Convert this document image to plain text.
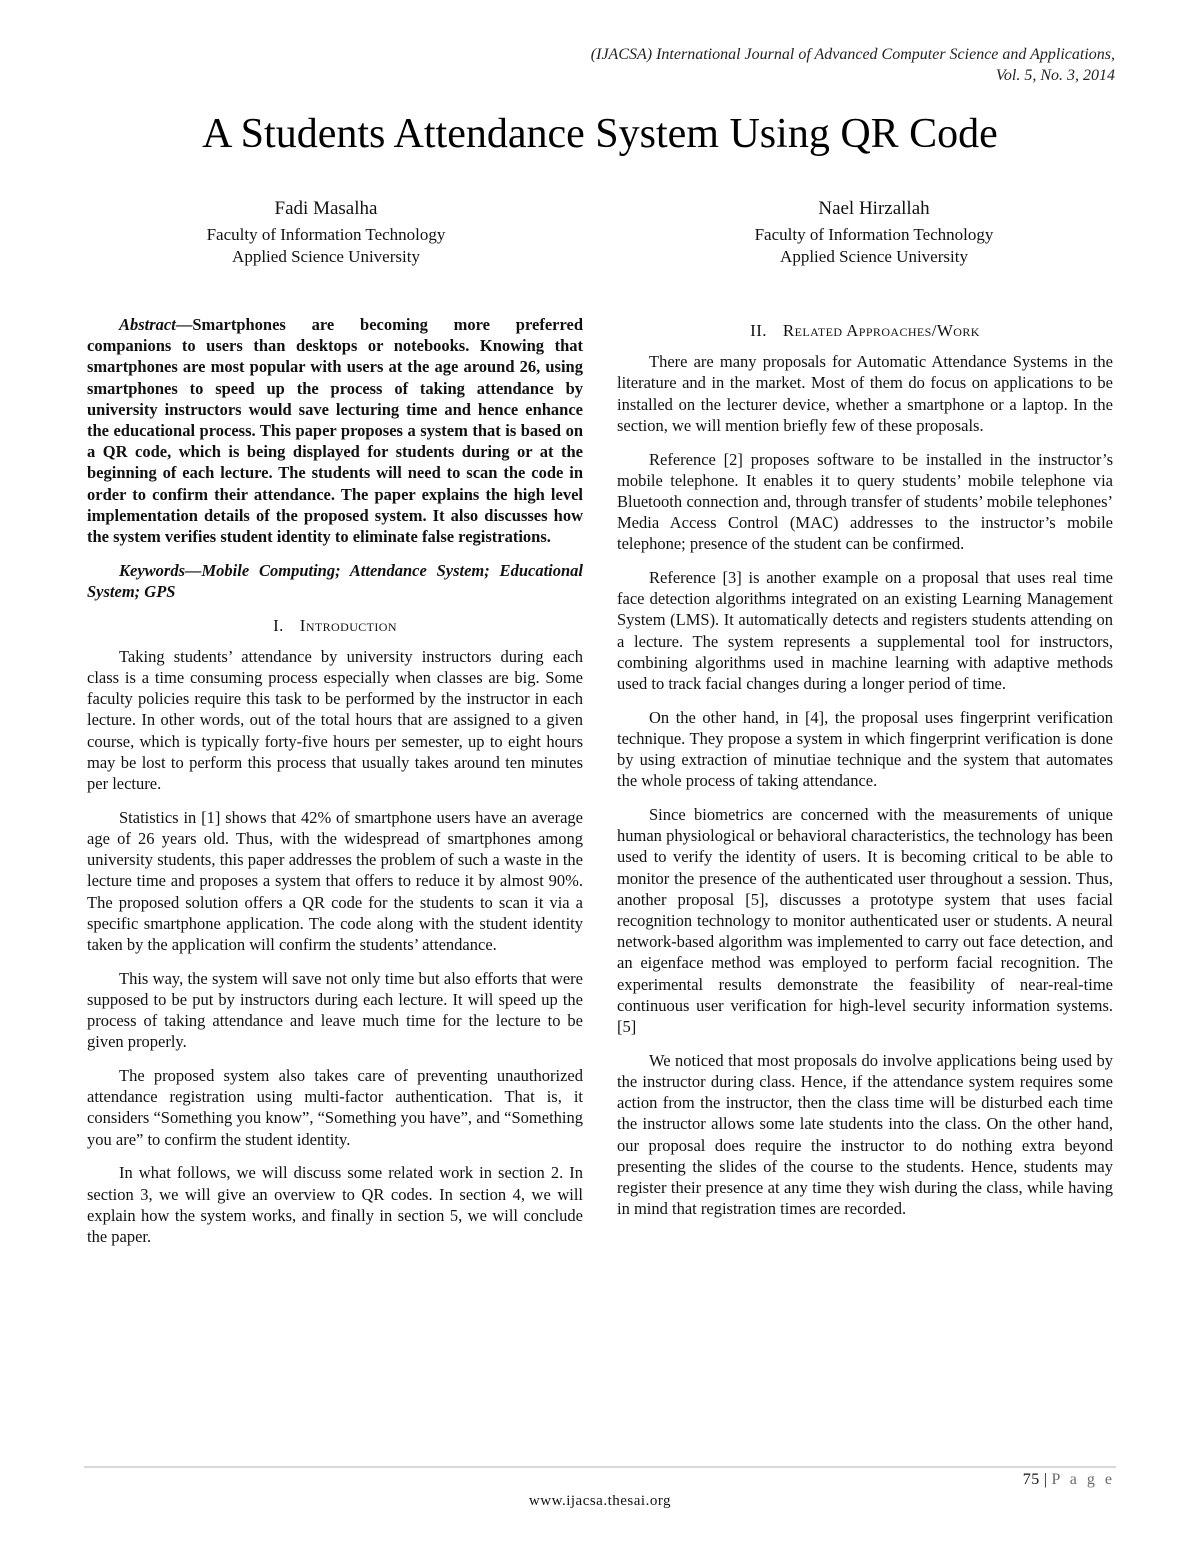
(IJACSA) International Journal of Advanced Computer Science and Applications,
Vol. 5, No. 3, 2014
A Students Attendance System Using QR Code
Fadi Masalha
Faculty of Information Technology
Applied Science University
Nael Hirzallah
Faculty of Information Technology
Applied Science University

Abstract—Smartphones are becoming more preferred companions to users than desktops or notebooks. Knowing that smartphones are most popular with users at the age around 26, using smartphones to speed up the process of taking attendance by university instructors would save lecturing time and hence enhance the educational process. This paper proposes a system that is based on a QR code, which is being displayed for students during or at the beginning of each lecture. The students will need to scan the code in order to confirm their attendance. The paper explains the high level implementation details of the proposed system. It also discusses how the system verifies student identity to eliminate false registrations.

Keywords—Mobile Computing; Attendance System; Educational System; GPS

I. Introduction

Taking students’ attendance by university instructors during each class is a time consuming process especially when classes are big. Some faculty policies require this task to be performed by the instructor in each lecture. In other words, out of the total hours that are assigned to a given course, which is typically forty-five hours per semester, up to eight hours may be lost to perform this process that usually takes around ten minutes per lecture.

Statistics in [1] shows that 42% of smartphone users have an average age of 26 years old. Thus, with the widespread of smartphones among university students, this paper addresses the problem of such a waste in the lecture time and proposes a system that offers to reduce it by almost 90%. The proposed solution offers a QR code for the students to scan it via a specific smartphone application. The code along with the student identity taken by the application will confirm the students’ attendance.

This way, the system will save not only time but also efforts that were supposed to be put by instructors during each lecture. It will speed up the process of taking attendance and leave much time for the lecture to be given properly.

The proposed system also takes care of preventing unauthorized attendance registration using multi-factor authentication. That is, it considers “Something you know”, “Something you have”, and “Something you are” to confirm the student identity.

In what follows, we will discuss some related work in section 2. In section 3, we will give an overview to QR codes. In section 4, we will explain how the system works, and finally in section 5, we will conclude the paper.

II. Related Approaches/Work

There are many proposals for Automatic Attendance Systems in the literature and in the market. Most of them do focus on applications to be installed on the lecturer device, whether a smartphone or a laptop. In the section, we will mention briefly few of these proposals.

Reference [2] proposes software to be installed in the instructor’s mobile telephone. It enables it to query students’ mobile telephone via Bluetooth connection and, through transfer of students’ mobile telephones’ Media Access Control (MAC) addresses to the instructor’s mobile telephone; presence of the student can be confirmed.

Reference [3] is another example on a proposal that uses real time face detection algorithms integrated on an existing Learning Management System (LMS). It automatically detects and registers students attending on a lecture. The system represents a supplemental tool for instructors, combining algorithms used in machine learning with adaptive methods used to track facial changes during a longer period of time.

On the other hand, in [4], the proposal uses fingerprint verification technique. They propose a system in which fingerprint verification is done by using extraction of minutiae technique and the system that automates the whole process of taking attendance.

Since biometrics are concerned with the measurements of unique human physiological or behavioral characteristics, the technology has been used to verify the identity of users. It is becoming critical to be able to monitor the presence of the authenticated user throughout a session. Thus, another proposal [5], discusses a prototype system that uses facial recognition technology to monitor authenticated user or students. A neural network-based algorithm was implemented to carry out face detection, and an eigenface method was employed to perform facial recognition. The experimental results demonstrate the feasibility of near-real-time continuous user verification for high-level security information systems.[5]

We noticed that most proposals do involve applications being used by the instructor during class. Hence, if the attendance system requires some action from the instructor, then the class time will be disturbed each time the instructor allows some late students into the class. On the other hand, our proposal does require the instructor to do nothing extra beyond presenting the slides of the course to the students. Hence, students may register their presence at any time they wish during the class, while having in mind that registration times are recorded.

75 | P a g e
www.ijacsa.thesai.org
